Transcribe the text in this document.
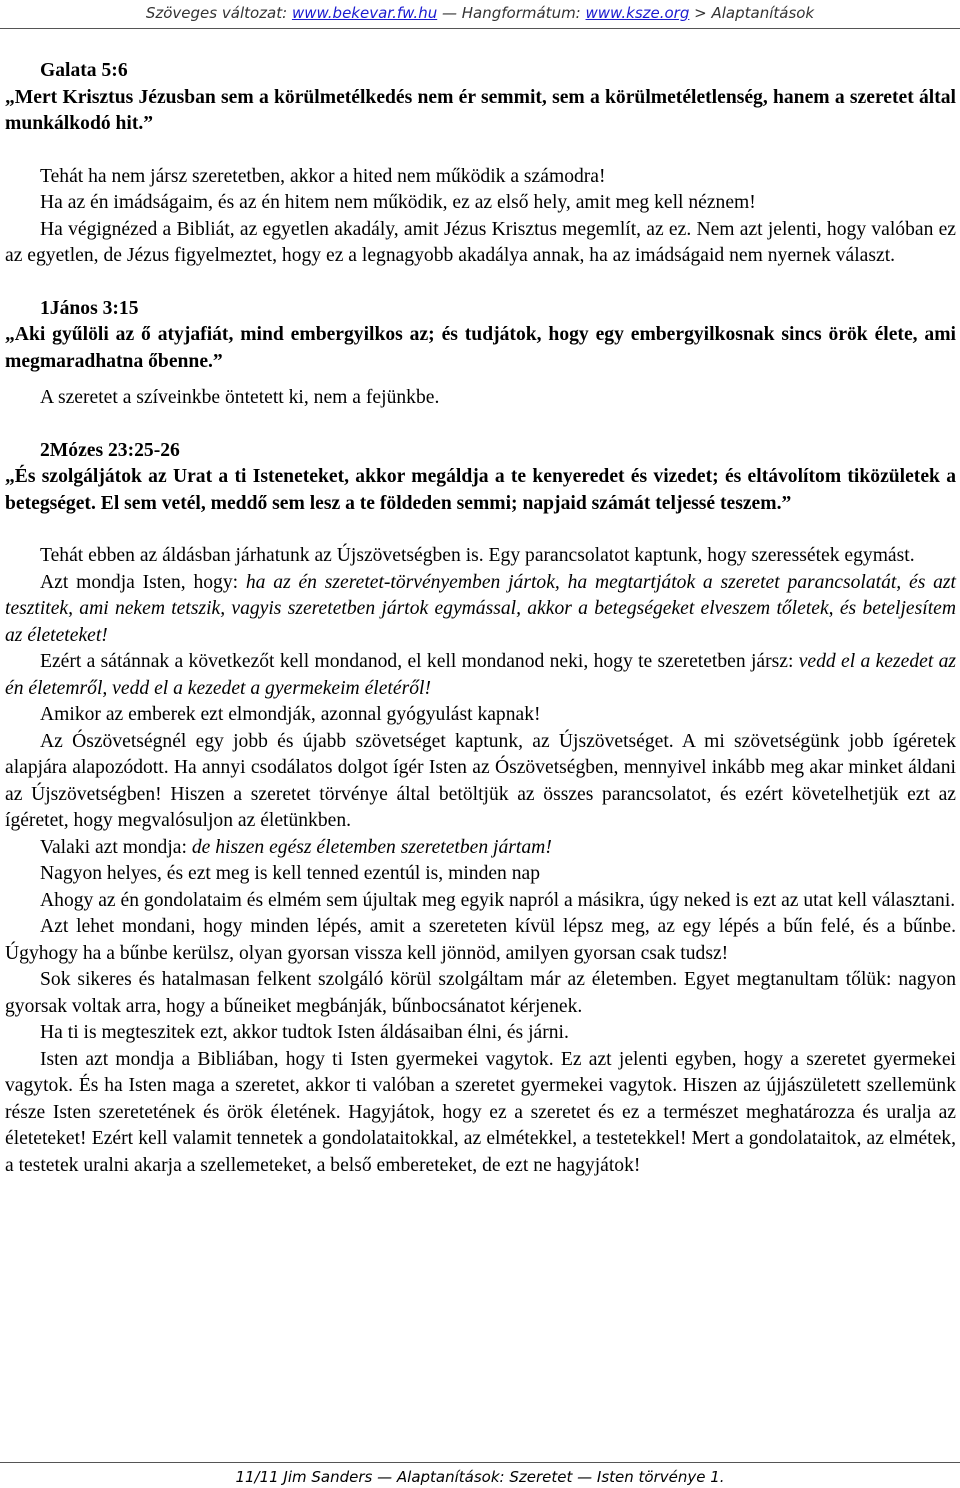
Szöveges változat: www.bekevar.fw.hu — Hangformátum: www.ksze.org > Alaptanítások

Galata 5:6

„Mert Krisztus Jézusban sem a körülmetélkedés nem ér semmit, sem a körülmetéletlenség, hanem a szeretet által munkálkodó hit.”

Tehát ha nem jársz szeretetben, akkor a hited nem működik a számodra!

Ha az én imádságaim, és az én hitem nem működik, ez az első hely, amit meg kell néznem!

Ha végignézed a Bibliát, az egyetlen akadály, amit Jézus Krisztus megemlít, az ez. Nem azt jelenti, hogy valóban ez az egyetlen, de Jézus figyelmeztet, hogy ez a legnagyobb akadálya annak, ha az imádságaid nem nyernek választ.

1János 3:15

„Aki gyűlöli az ő atyjafiát, mind embergyilkos az; és tudjátok, hogy egy embergyilkosnak sincs örök élete, ami megmaradhatna őbenne.”

A szeretet a szíveinkbe öntetett ki, nem a fejünkbe.

2Mózes 23:25-26

„És szolgáljátok az Urat a ti Isteneteket, akkor megáldja a te kenyeredet és vizedet; és eltávolítom tiközületek a betegséget. El sem vetél, meddő sem lesz a te földeden semmi; napjaid számát teljessé teszem.”

Tehát ebben az áldásban járhatunk az Újszövetségben is. Egy parancsolatot kaptunk, hogy szeressétek egymást.

Azt mondja Isten, hogy: ha az én szeretet-törvényemben jártok, ha megtartjátok a szeretet parancsolatát, és azt tesztitek, ami nekem tetszik, vagyis szeretetben jártok egymással, akkor a betegségeket elveszem tőletek, és beteljesítem az életeteket!

Ezért a sátánnak a következőt kell mondanod, el kell mondanod neki, hogy te szeretetben jársz: vedd el a kezedet az én életemről, vedd el a kezedet a gyermekeim életéről!

Amikor az emberek ezt elmondják, azonnal gyógyulást kapnak!

Az Ószövetségnél egy jobb és újabb szövetséget kaptunk, az Újszövetséget. A mi szövetségünk jobb ígéretek alapjára alapozódott. Ha annyi csodálatos dolgot ígér Isten az Ószövetségben, mennyivel inkább meg akar minket áldani az Újszövetségben! Hiszen a szeretet törvénye által betöltjük az összes parancsolatot, és ezért követelhetjük ezt az ígéretet, hogy megvalósuljon az életünkben.

Valaki azt mondja: de hiszen egész életemben szeretetben jártam!

Nagyon helyes, és ezt meg is kell tenned ezentúl is, minden nap

Ahogy az én gondolataim és elmém sem újultak meg egyik napról a másikra, úgy neked is ezt az utat kell választani.

Azt lehet mondani, hogy minden lépés, amit a szereteten kívül lépsz meg, az egy lépés a bűn felé, és a bűnbe. Úgyhogy ha a bűnbe kerülsz, olyan gyorsan vissza kell jönnöd, amilyen gyorsan csak tudsz!

Sok sikeres és hatalmasan felkent szolgáló körül szolgáltam már az életemben. Egyet megtanultam tőlük: nagyon gyorsak voltak arra, hogy a bűneiket megbánják, bűnbocsánatot kérjenek.

Ha ti is megteszitek ezt, akkor tudtok Isten áldásaiban élni, és járni.

Isten azt mondja a Bibliában, hogy ti Isten gyermekei vagytok. Ez azt jelenti egyben, hogy a szeretet gyermekei vagytok. És ha Isten maga a szeretet, akkor ti valóban a szeretet gyermekei vagytok. Hiszen az újjászületett szellemünk része Isten szeretetének és örök életének. Hagyjátok, hogy ez a szeretet és ez a természet meghatározza és uralja az életeteket! Ezért kell valamit tennetek a gondolataitokkal, az elmétekkel, a testetekkel! Mert a gondolataitok, az elmétek, a testetek uralni akarja a szellemeteket, a belső embereteket, de ezt ne hagyjátok!

11/11 Jim Sanders — Alaptanítások: Szeretet — Isten törvénye 1.
